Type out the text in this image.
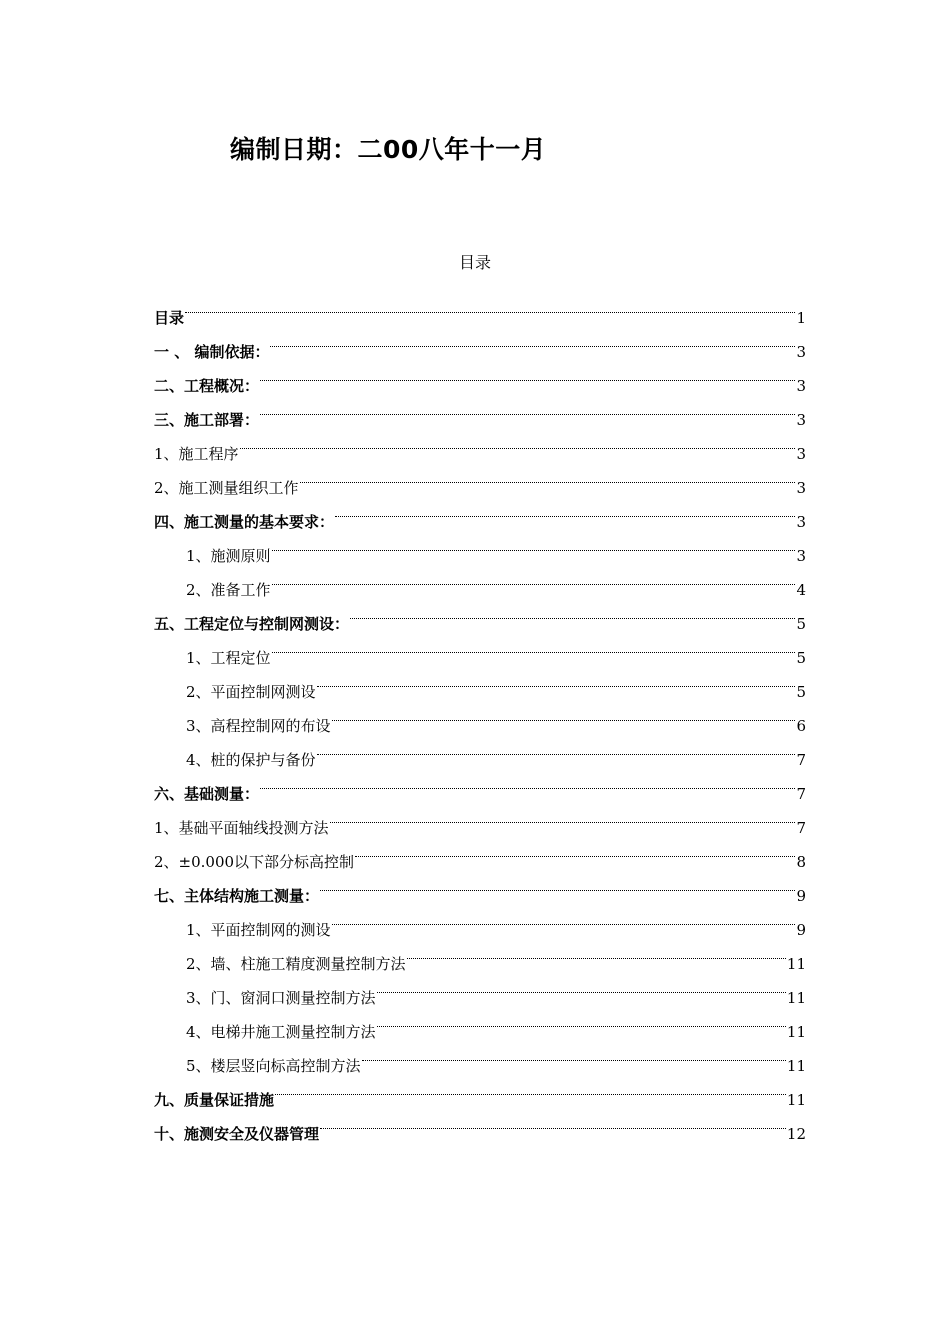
编制日期：二00八年十一月
目录
目录	1
一 、 编制依据：	3
二、工程概况：	3
三、施工部署：	3
1、施工程序	3
2、施工测量组织工作	3
四、施工测量的基本要求：	3
1、施测原则	3
2、准备工作	4
五、工程定位与控制网测设：	5
1、工程定位	5
2、平面控制网测设	5
3、高程控制网的布设	6
4、桩的保护与备份	7
六、基础测量：	7
1、基础平面轴线投测方法	7
2、±0.000以下部分标高控制	8
七、主体结构施工测量：	9
1、平面控制网的测设	9
2、墙、柱施工精度测量控制方法	11
3、门、窗洞口测量控制方法	11
4、电梯井施工测量控制方法	11
5、楼层竖向标高控制方法	11
九、质量保证措施	11
十、施测安全及仪器管理	12
